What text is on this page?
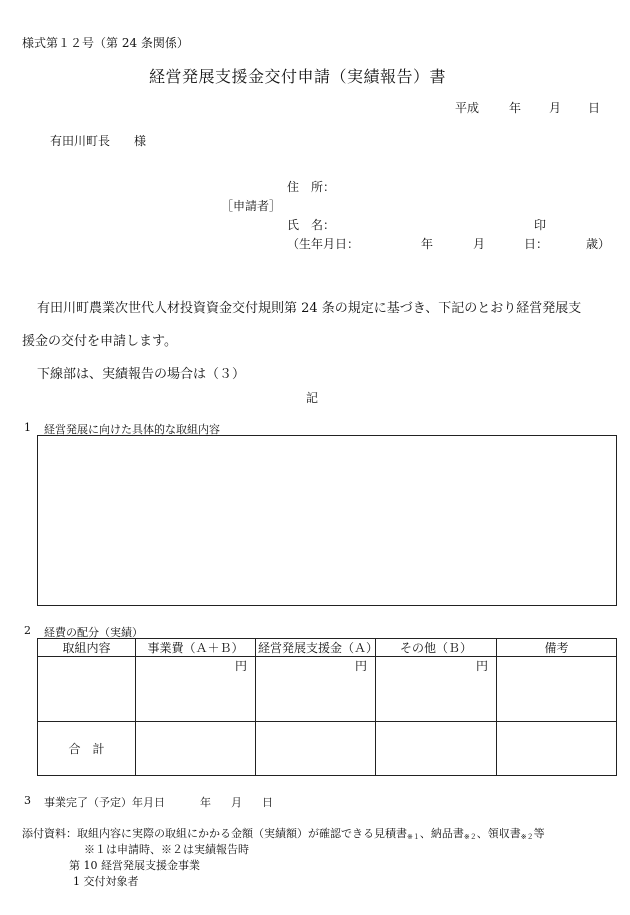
様式第１２号（第 24 条関係）
経営発展支援金交付申請（実績報告）書
平成 年 月 日
有田川町長　　様
住　所：
［申請者］
氏　名：	印
（生年月日：	年	月	日：	歳）
有田川町農業次世代人材投資資金交付規則第 24 条の規定に基づき、下記のとおり経営発展支
援金の交付を申請します。
下線部は、実績報告の場合は（３）
記
1 経営発展に向けた具体的な取組内容
2 経費の配分（実績）
取組内容	事業費（Ａ＋Ｂ）	経営発展支援金（Ａ）	その他（Ｂ）	備考
	円	円	円	
合　計				
3 事業完了（予定）年月日	年 月 日
添付資料：取組内容に実際の取組にかかる金額（実績額）が確認できる見積書$_{※1}$、納品書$_{※2}$、領収書$_{※2}$等
※１は申請時、※２は実績報告時
第 10 経営発展支援金事業
1 交付対象者
